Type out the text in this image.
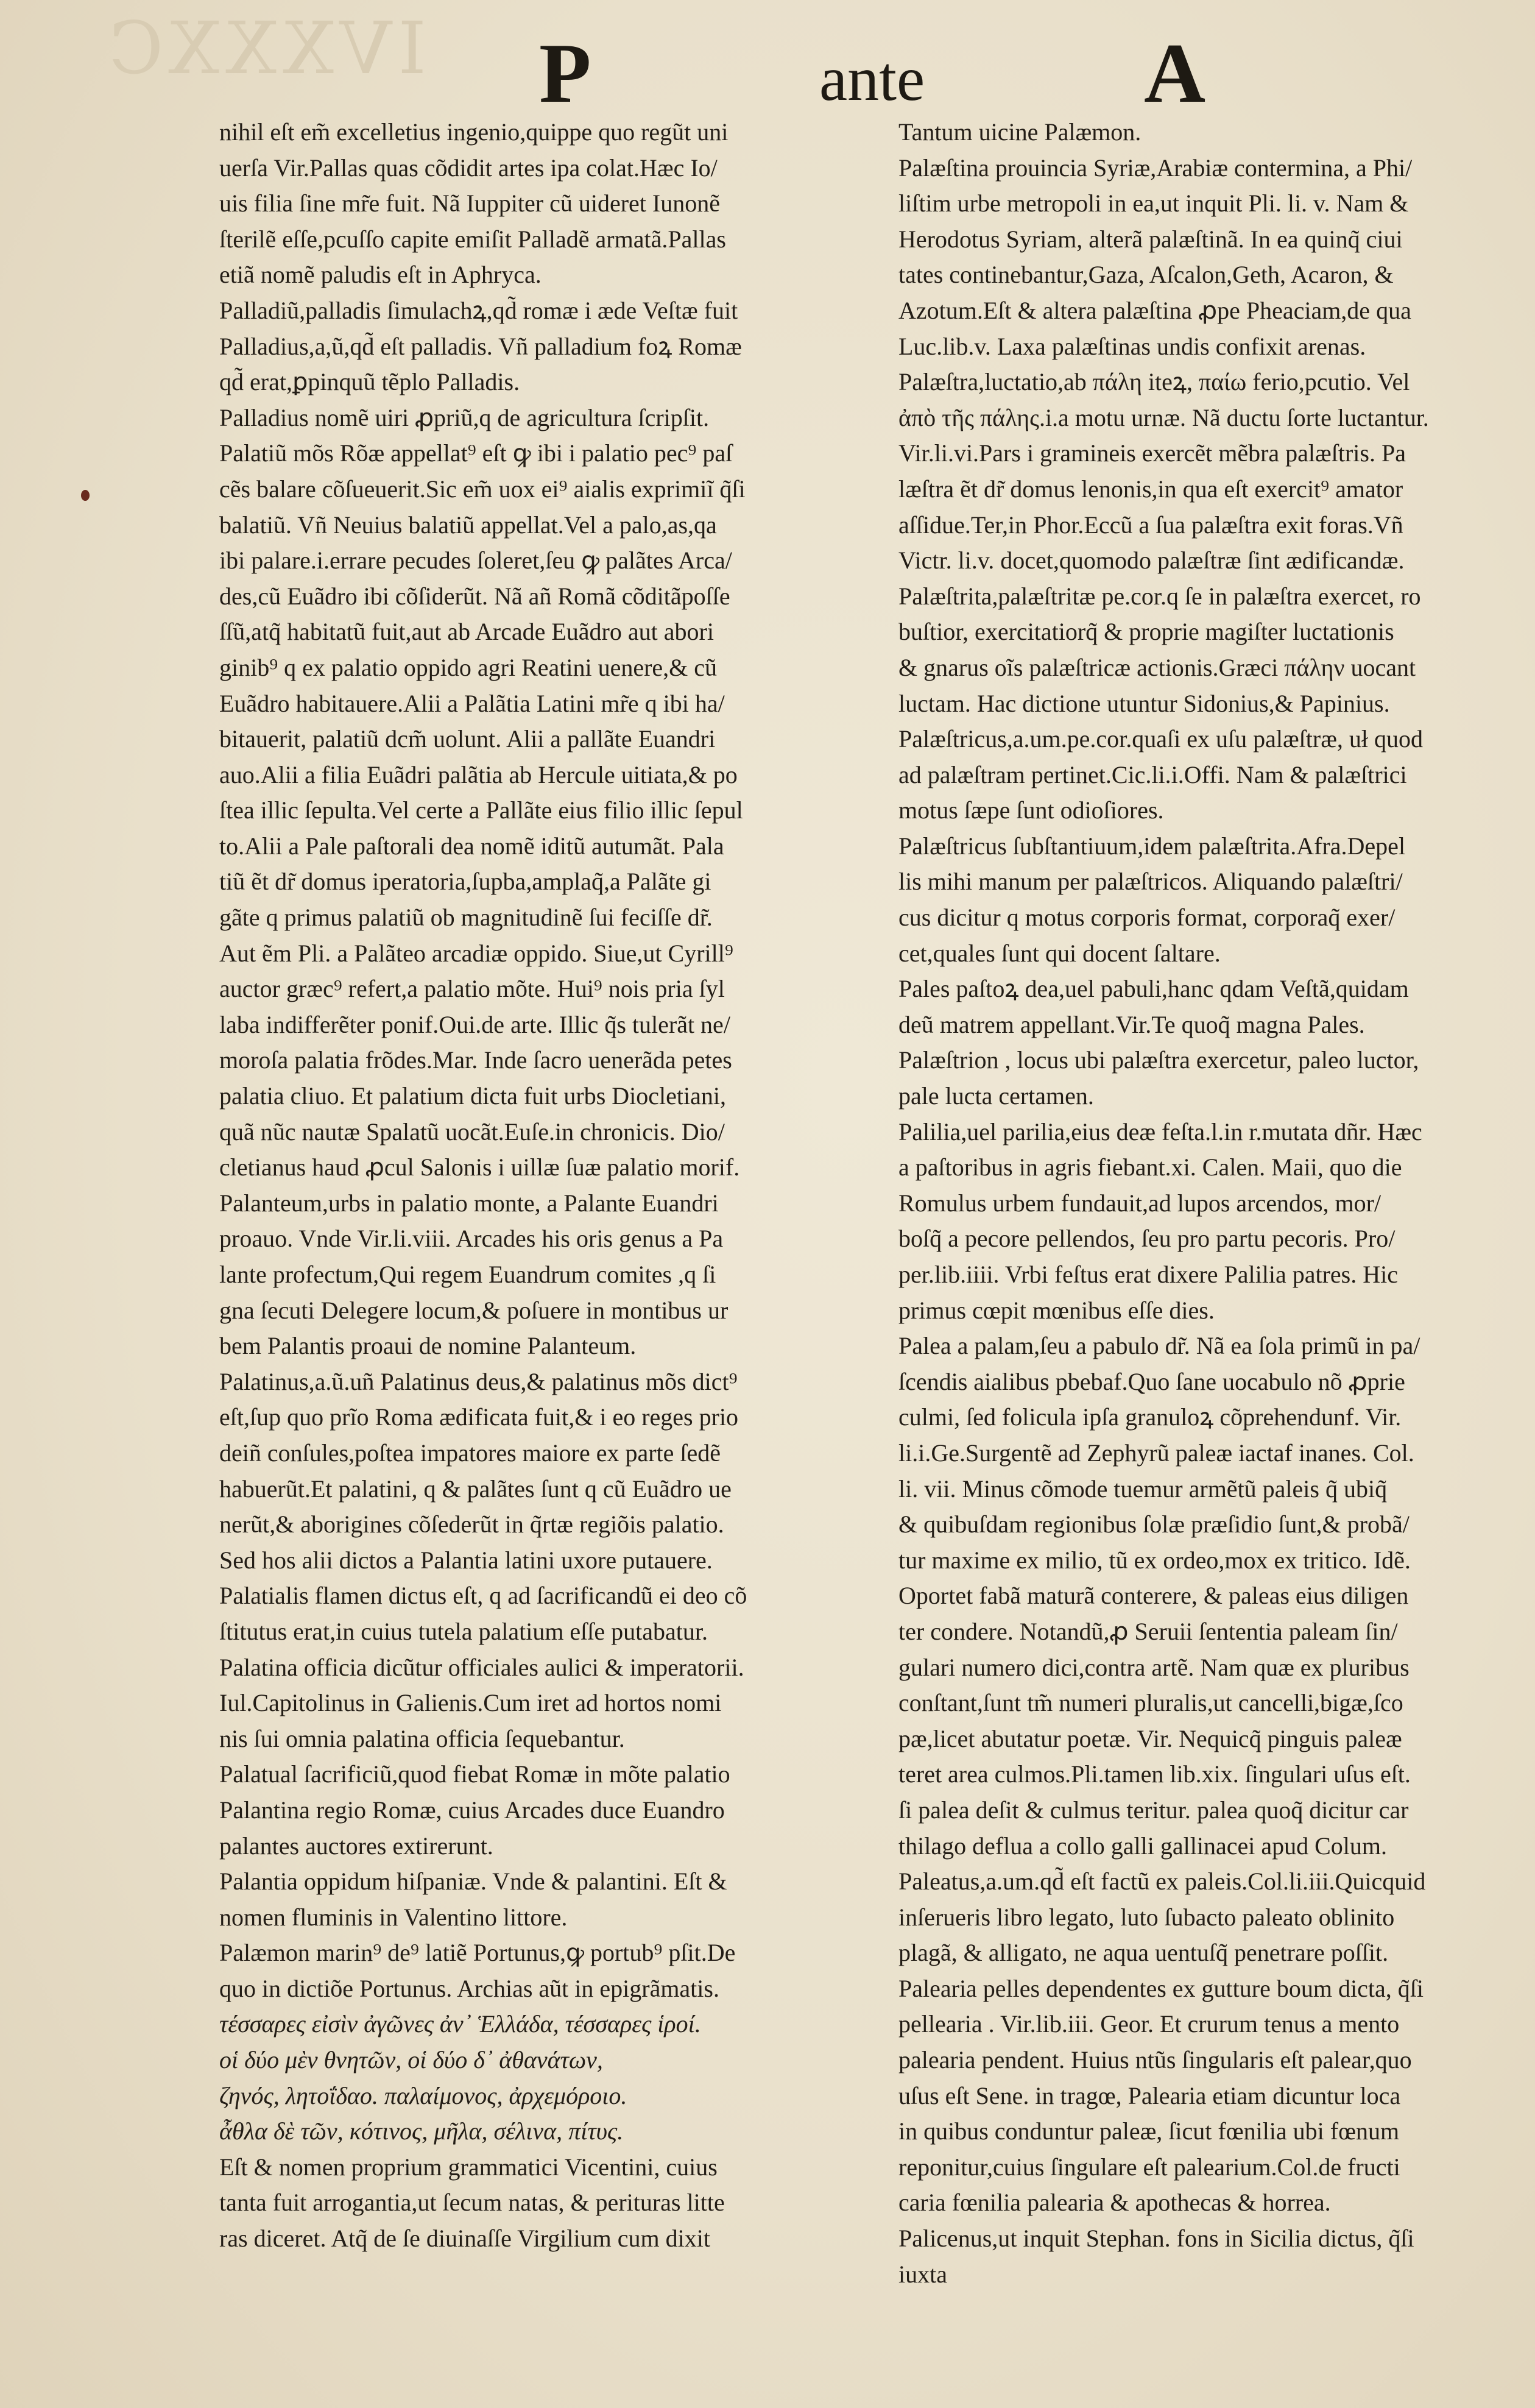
IVXXXC P	ante	A
nihil eſt em̃ excelletius ingenio,quippe quo regũt uni
uerſa Vir.Pallas quas cõdidit artes ipa colat.Hæc Io/
uis filia ſine mr̃e fuit. Nã Iuppiter cũ uideret Iunonẽ
ſterilẽ eſſe,pcuſſo capite emiſit Palladẽ armatã.Pallas
etiã nomẽ paludis eſt in Aphryca.
Palladiũ,palladis ſimulachꝝ,qd̃ romæ i æde Veſtæ fuit
Palladius,a,ũ,qd̃ eſt palladis. Vñ palladium foꝝ Romæ
qd̃ erat,ꝑpinquũ tẽplo Palladis.
Palladius nomẽ uiri ꝓpriũ,q de agricultura ſcripſit.
Palatiũ mõs Rõæ appellat⁹ eſt ꝙ ibi i palatio pec⁹ paſ
cẽs balare cõſueuerit.Sic em̃ uox ei⁹ aialis exprimiĩ q̃ſi
balatiũ. Vñ Neuius balatiũ appellat.Vel a palo,as,qa
ibi palare.i.errare pecudes ſoleret,ſeu ꝙ palãtes Arca/
des,cũ Euãdro ibi cõſiderũt. Nã añ Romã cõditãpoſſe
ſſũ,atq̃ habitatũ fuit,aut ab Arcade Euãdro aut abori
ginib⁹ q ex palatio oppido agri Reatini uenere,& cũ
Euãdro habitauere.Alii a Palãtia Latini mr̃e q ibi ha/
bitauerit, palatiũ dcm̃ uolunt. Alii a pallãte Euandri
auo.Alii a filia Euãdri palãtia ab Hercule uitiata,& po
ſtea illic ſepulta.Vel certe a Pallãte eius filio illic ſepul
to.Alii a Pale paſtorali dea nomẽ iditũ autumãt. Pala
tiũ ẽt dr̃ domus iperatoria,ſupba,amplaq̃,a Palãte gi
gãte q primus palatiũ ob magnitudinẽ ſui feciſſe dr̃.
Aut ẽm Pli. a Palãteo arcadiæ oppido. Siue,ut Cyrill⁹
auctor græc⁹ refert,a palatio mõte. Hui⁹ nois pria ſyl
laba indifferẽter ponif.Oui.de arte. Illic q̃s tulerãt ne/
moroſa palatia frõdes.Mar. Inde ſacro uenerãda petes
palatia cliuo. Et palatium dicta fuit urbs Diocletiani,
quã nũc nautæ Spalatũ uocãt.Euſe.in chronicis. Dio/
cletianus haud ꝓcul Salonis i uillæ ſuæ palatio morif.
Palanteum,urbs in palatio monte, a Palante Euandri
proauo. Vnde Vir.li.viii. Arcades his oris genus a Pa
lante profectum,Qui regem Euandrum comites ,q ſi
gna ſecuti Delegere locum,& poſuere in montibus ur
bem Palantis proaui de nomine Palanteum.
Palatinus,a.ũ.uñ Palatinus deus,& palatinus mõs dict⁹
eſt,ſup quo prĩo Roma ædificata fuit,& i eo reges prio
deiñ conſules,poſtea impatores maiore ex parte ſedẽ
habuerũt.Et palatini, q & palãtes ſunt q cũ Euãdro ue
nerũt,& aborigines cõſederũt in q̃rtæ regiõis palatio.
Sed hos alii dictos a Palantia latini uxore putauere.
Palatialis flamen dictus eſt, q ad ſacrificandũ ei deo cõ
ſtitutus erat,in cuius tutela palatium eſſe putabatur.
Palatina officia dicũtur officiales aulici & imperatorii.
Iul.Capitolinus in Galienis.Cum iret ad hortos nomi
nis ſui omnia palatina officia ſequebantur.
Palatual ſacrificiũ,quod fiebat Romæ in mõte palatio
Palantina regio Romæ, cuius Arcades duce Euandro
palantes auctores extirerunt.
Palantia oppidum hiſpaniæ. Vnde & palantini. Eſt &
nomen fluminis in Valentino littore.
Palæmon marin⁹ de⁹ latiẽ Portunus,ꝙ portub⁹ pſit.De
quo in dictiõe Portunus. Archias aũt in epigrãmatis.
τέσσαρες εἰσὶν ἀγῶνες ἀν᾽ Ἑλλάδα, τέσσαρες ἱροί.
οἱ δύο μὲν θνητῶν, οἱ δύο δ᾽ ἀθανάτων,
ζηνός, λητοΐδαο. παλαίμονος, ἀρχεμόροιο.
ἆθλα δὲ τῶν, κότινος, μῆλα, σέλινα, πίτυς.
Eſt & nomen proprium grammatici Vicentini, cuius
tanta fuit arrogantia,ut ſecum natas, & perituras litte
ras diceret. Atq̃ de ſe diuinaſſe Virgilium cum dixit
Tantum uicine Palæmon.
Palæſtina prouincia Syriæ,Arabiæ contermina, a Phi/
liſtim urbe metropoli in ea,ut inquit Pli. li. v. Nam &
Herodotus Syriam, alterã palæſtinã. In ea quinq̃ ciui
tates continebantur,Gaza, Aſcalon,Geth, Acaron, &
Azotum.Eſt & altera palæſtina ꝓpe Pheaciam,de qua
Luc.lib.v. Laxa palæſtinas undis confixit arenas.
Palæſtra,luctatio,ab πάλη iteꝝ, παίω ferio,pcutio. Vel
ἀπὸ τῆς πάλης.i.a motu urnæ. Nã ductu ſorte luctantur.
Vir.li.vi.Pars i gramineis exercẽt mẽbra palæſtris. Pa
læſtra ẽt dr̃ domus lenonis,in qua eſt exercit⁹ amator
aſſidue.Ter,in Phor.Eccũ a ſua palæſtra exit foras.Vñ
Victr. li.v. docet,quomodo palæſtræ ſint ædificandæ.
Palæſtrita,palæſtritæ pe.cor.q ſe in palæſtra exercet, ro
buſtior, exercitatiorq̃ & proprie magiſter luctationis
& gnarus oĩs palæſtricæ actionis.Græci πάλην uocant
luctam. Hac dictione utuntur Sidonius,& Papinius.
Palæſtricus,a.um.pe.cor.quaſi ex uſu palæſtræ, uł quod
ad palæſtram pertinet.Cic.li.i.Offi. Nam & palæſtrici
motus ſæpe ſunt odioſiores.
Palæſtricus ſubſtantiuum,idem palæſtrita.Afra.Depel
lis mihi manum per palæſtricos. Aliquando palæſtri/
cus dicitur q motus corporis format, corporaq̃ exer/
cet,quales ſunt qui docent ſaltare.
Pales paſtoꝝ dea,uel pabuli,hanc qdam Veſtã,quidam
deũ matrem appellant.Vir.Te quoq̃ magna Pales.
Palæſtrion , locus ubi palæſtra exercetur, paleo luctor,
pale lucta certamen.
Palilia,uel parilia,eius deæ feſta.l.in r.mutata dñr. Hæc
a paſtoribus in agris fiebant.xi. Calen. Maii, quo die
Romulus urbem fundauit,ad lupos arcendos, mor/
boſq̃ a pecore pellendos, ſeu pro partu pecoris. Pro/
per.lib.iiii. Vrbi feſtus erat dixere Palilia patres. Hic
primus cœpit mœnibus eſſe dies.
Palea a palam,ſeu a pabulo dr̃. Nã ea ſola primũ in pa/
ſcendis aialibus pbebaf.Quo ſane uocabulo nõ ꝓprie
culmi, ſed folicula ipſa granuloꝝ cõprehendunf. Vir.
li.i.Ge.Surgentẽ ad Zephyrũ paleæ iactaf inanes. Col.
li. vii. Minus cõmode tuemur armẽtũ paleis q̃ ubiq̃
& quibuſdam regionibus ſolæ præſidio ſunt,& probã/
tur maxime ex milio, tũ ex ordeo,mox ex tritico. Idẽ.
Oportet fabã maturã conterere, & paleas eius diligen
ter condere. Notandũ,ꝓ Seruii ſententia paleam ſin/
gulari numero dici,contra artẽ. Nam quæ ex pluribus
conſtant,ſunt tm̃ numeri pluralis,ut cancelli,bigæ,ſco
pæ,licet abutatur poetæ. Vir. Nequicq̃ pinguis paleæ
teret area culmos.Pli.tamen lib.xix. ſingulari uſus eſt.
ſi palea deſit & culmus teritur. palea quoq̃ dicitur car
thilago deflua a collo galli gallinacei apud Colum.
Paleatus,a.um.qd̃ eſt factũ ex paleis.Col.li.iii.Quicquid
inſerueris libro legato, luto ſubacto paleato oblinito
plagã, & alligato, ne aqua uentuſq̃ penetrare poſſit.
Palearia pelles dependentes ex gutture boum dicta, q̃ſi
pellearia . Vir.lib.iii. Geor. Et crurum tenus a mento
palearia pendent. Huius ntũs ſingularis eſt palear,quo
uſus eſt Sene. in tragœ, Palearia etiam dicuntur loca
in quibus conduntur paleæ, ſicut fœnilia ubi fœnum
reponitur,cuius ſingulare eſt palearium.Col.de fructi
caria fœnilia palearia & apothecas & horrea.
Palicenus,ut inquit Stephan. fons in Sicilia dictus, q̃ſi
iuxta
